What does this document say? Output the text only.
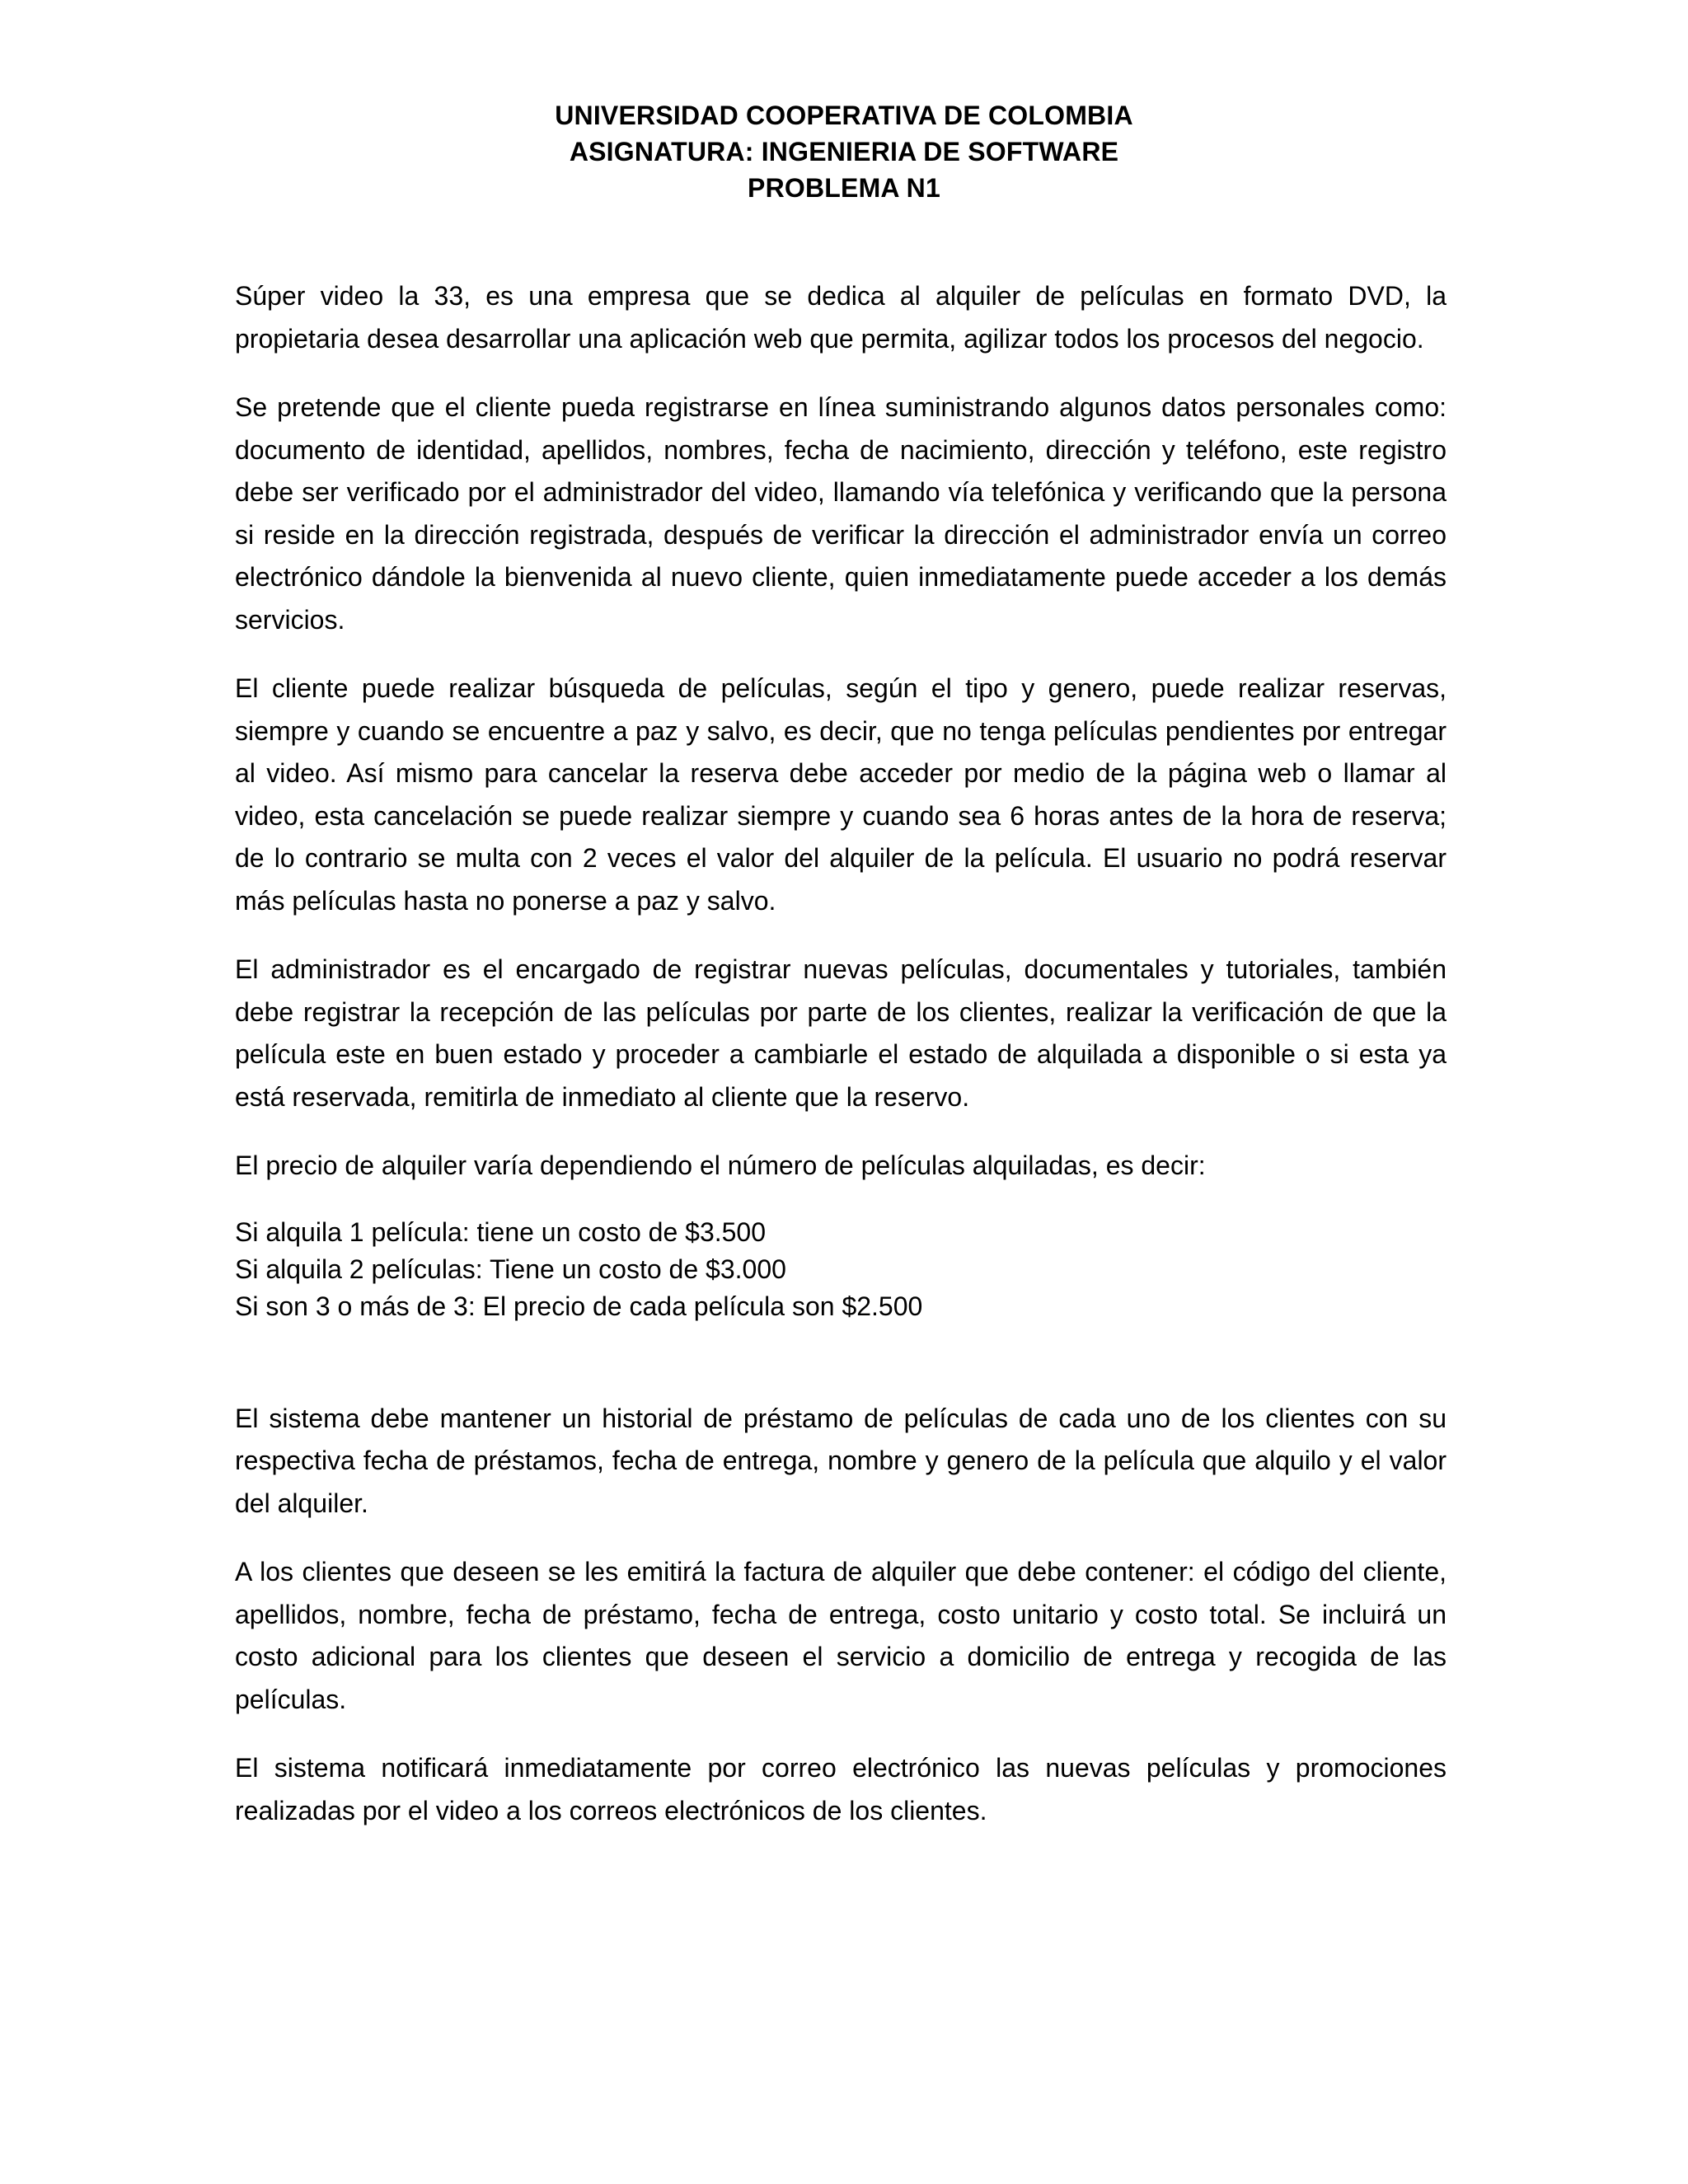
UNIVERSIDAD COOPERATIVA DE COLOMBIA
ASIGNATURA: INGENIERIA DE SOFTWARE
PROBLEMA N1

Súper video la 33, es una empresa que se dedica al alquiler de películas en formato DVD, la propietaria desea desarrollar una aplicación web que permita, agilizar todos los procesos del negocio.

Se pretende que el cliente pueda registrarse en línea suministrando algunos datos personales como: documento de identidad, apellidos, nombres, fecha de nacimiento, dirección y teléfono, este registro debe ser verificado por el administrador del video, llamando vía telefónica y verificando que la persona si reside en la dirección registrada, después de verificar la dirección el administrador envía un correo electrónico dándole la bienvenida al nuevo cliente, quien inmediatamente puede acceder a los demás servicios.

El cliente puede realizar búsqueda de películas, según el tipo y genero, puede realizar reservas, siempre y cuando se encuentre a paz y salvo, es decir, que no tenga películas pendientes por entregar al video. Así mismo para cancelar la reserva debe acceder por medio de la página web o llamar al video, esta cancelación se puede realizar siempre y cuando sea 6 horas antes de la hora de reserva; de lo contrario se multa con 2 veces el valor del alquiler de la película. El usuario no podrá reservar más películas hasta no ponerse a paz y salvo.

El administrador es el encargado de registrar nuevas películas, documentales y tutoriales, también debe registrar la recepción de las películas por parte de los clientes, realizar la verificación de que la película este en buen estado y proceder a cambiarle el estado de alquilada a disponible o si esta ya está reservada, remitirla de inmediato al cliente que la reservo.

El precio de alquiler varía dependiendo el número de películas alquiladas, es decir:

Si alquila 1 película: tiene un costo de $3.500
Si alquila 2 películas: Tiene un costo de $3.000
Si son 3 o más de 3: El precio de cada película son $2.500

El sistema debe mantener un historial de préstamo de películas de cada uno de los clientes con su respectiva fecha de préstamos, fecha de entrega, nombre y genero de la película que alquilo y el valor del alquiler.

A los clientes que deseen se les emitirá la factura de alquiler que debe contener: el código del cliente, apellidos, nombre, fecha de préstamo, fecha de entrega, costo unitario y costo total. Se incluirá un costo adicional para los clientes que deseen el servicio a domicilio de entrega y recogida de las películas.

El sistema notificará inmediatamente por correo electrónico las nuevas películas y promociones realizadas por el video a los correos electrónicos de los clientes.
